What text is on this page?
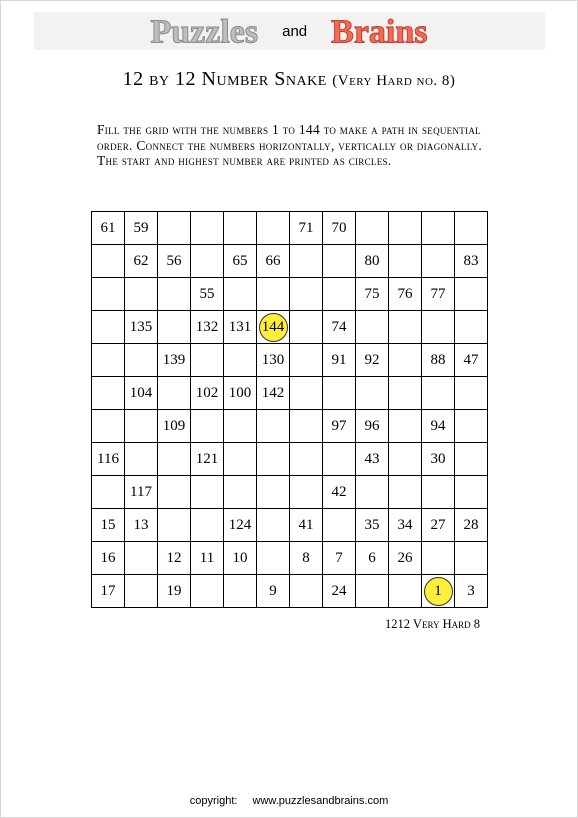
Puzzles and Brains
12 by 12 Number Snake (Very Hard no. 8)
Fill the grid with the numbers 1 to 144 to make a path in sequential
order. Connect the numbers horizontally, vertically or diagonally.
The start and highest number are printed as circles.
61	59					71	70				
	62	56		65	66			80			83
			55					75	76	77	
	135		132	131	144		74				
		139			130		91	92		88	47
	104		102	100	142						
		109					97	96		94	
116			121					43		30	
	117						42				
15	13			124		41		35	34	27	28
16		12	11	10		8	7	6	26		
17		19			9		24			1	3
1212 Very Hard 8
copyright: www.puzzlesandbrains.com
